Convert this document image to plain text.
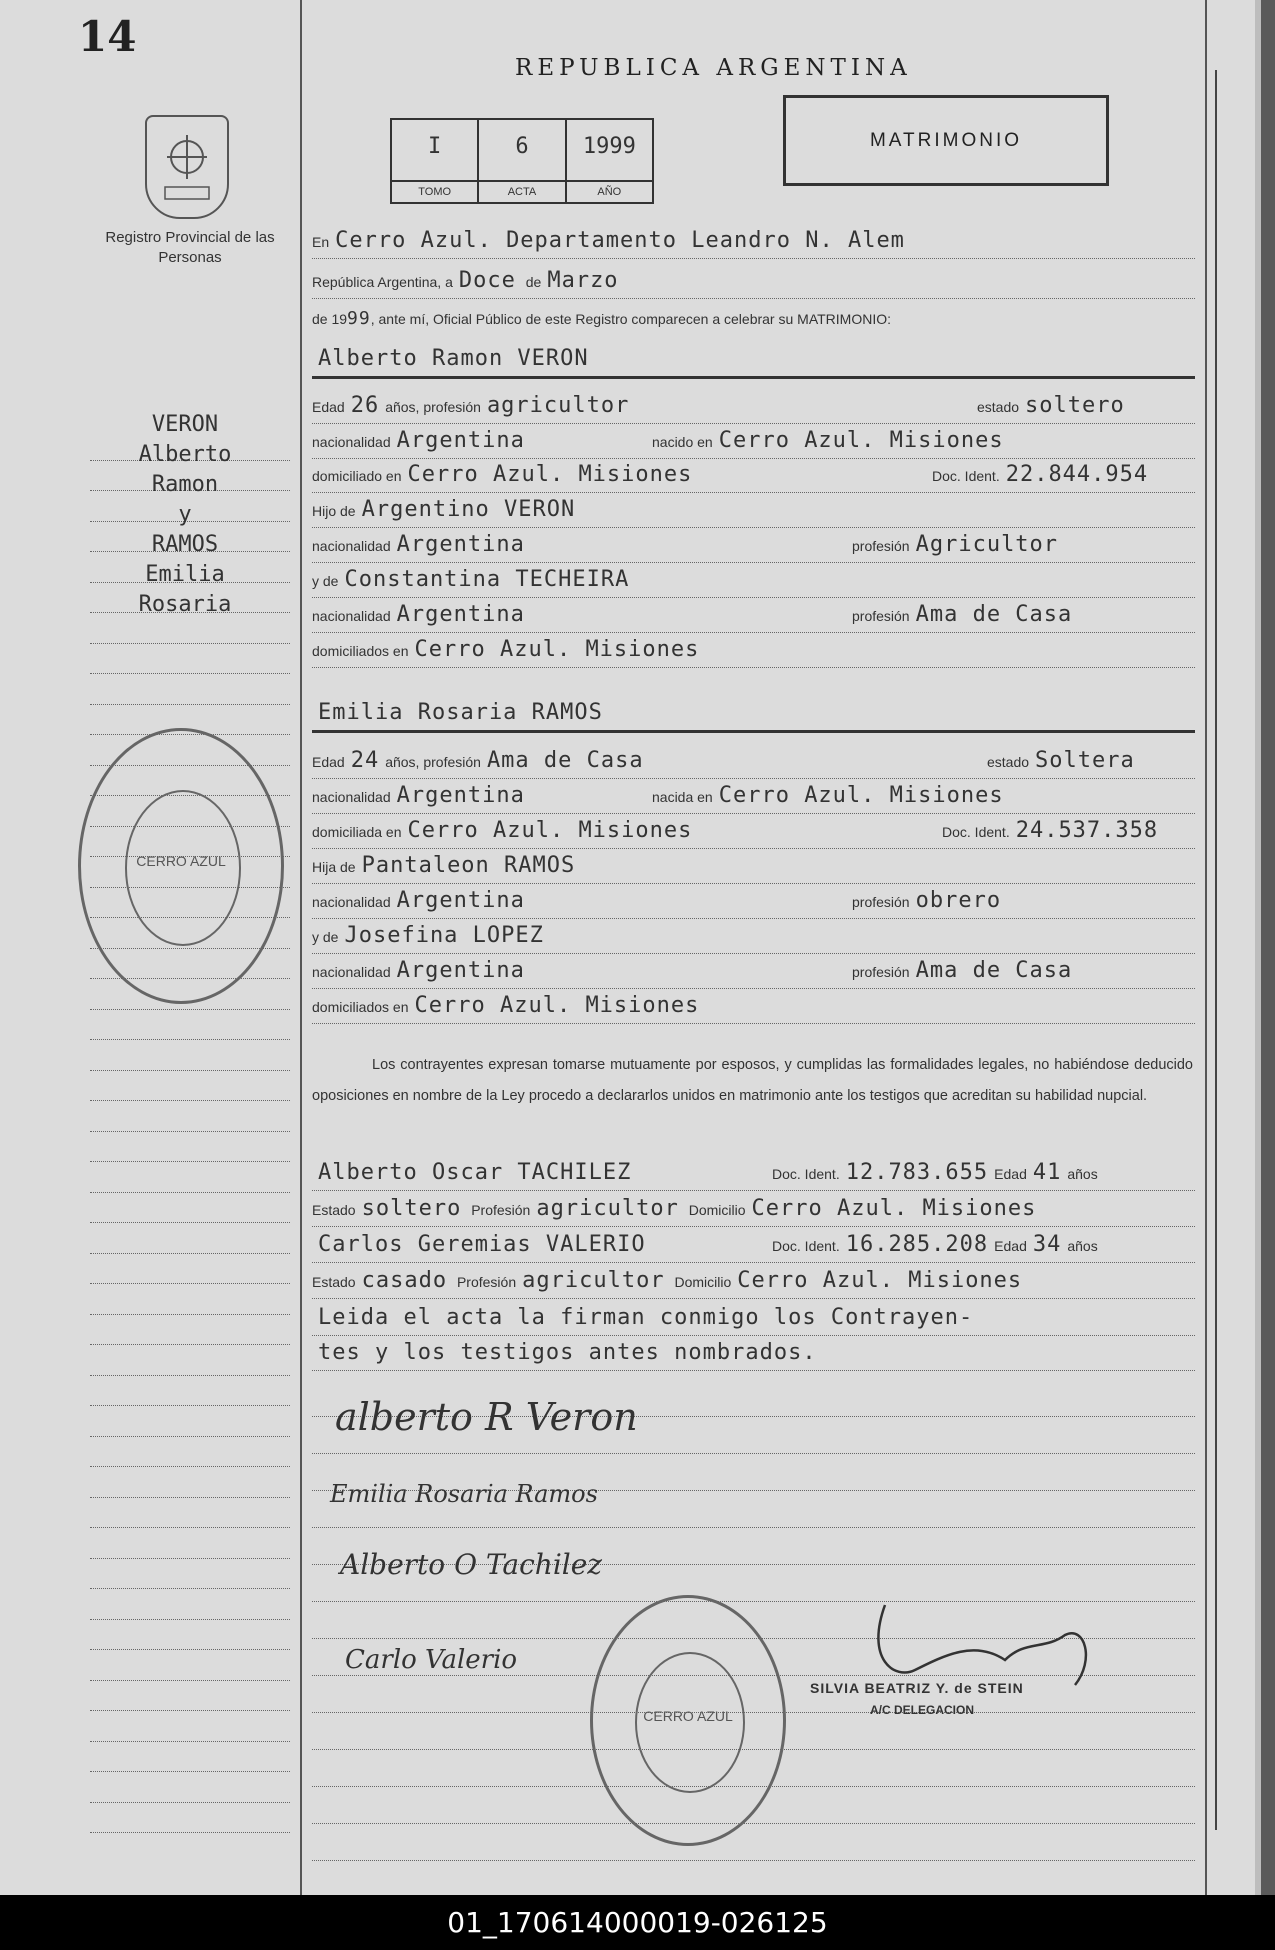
14
Registro Provincial de las Personas
VERON
Alberto
Ramon
y
RAMOS
Emilia
Rosaria
CERRO AZUL
REPUBLICA ARGENTINA
I
TOMO
6
ACTA
1999
AÑO
MATRIMONIO
En Cerro Azul. Departamento Leandro N. Alem
República Argentina, a Doce de Marzo
de 1999, ante mí, Oficial Público de este Registro comparecen a celebrar su MATRIMONIO:
Alberto Ramon VERON
Edad 26 años, profesión agricultor	estado soltero
nacionalidad Argentina	nacido en Cerro Azul. Misiones
domiciliado en Cerro Azul. Misiones	Doc. Ident. 22.844.954
Hijo de Argentino VERON
nacionalidad Argentina	profesión Agricultor
y de Constantina TECHEIRA
nacionalidad Argentina	profesión Ama de Casa
domiciliados en Cerro Azul. Misiones
Emilia Rosaria RAMOS
Edad 24 años, profesión Ama de Casa	estado Soltera
nacionalidad Argentina	nacida en Cerro Azul. Misiones
domiciliada en Cerro Azul. Misiones	Doc. Ident. 24.537.358
Hija de Pantaleon RAMOS
nacionalidad Argentina	profesión obrero
y de Josefina LOPEZ
nacionalidad Argentina	profesión Ama de Casa
domiciliados en Cerro Azul. Misiones
Los contrayentes expresan tomarse mutuamente por esposos, y cumplidas las formalidades legales, no habiéndose deducido oposiciones en nombre de la Ley procedo a declararlos unidos en matrimonio ante los testigos que acreditan su habilidad nupcial.
Alberto Oscar TACHILEZ	Doc. Ident. 12.783.655 Edad 41 años
Estado soltero Profesión agricultor Domicilio Cerro Azul. Misiones
Carlos Geremias VALERIO	Doc. Ident. 16.285.208 Edad 34 años
Estado casado Profesión agricultor Domicilio Cerro Azul. Misiones
Leida el acta la firman conmigo los Contrayen-
tes y los testigos antes nombrados.
alberto R Veron
Emilia Rosaria Ramos
Alberto O Tachilez
Carlo Valerio
SILVIA BEATRIZ Y. de STEIN
A/C DELEGACION
CERRO AZUL
01_170614000019-026125
